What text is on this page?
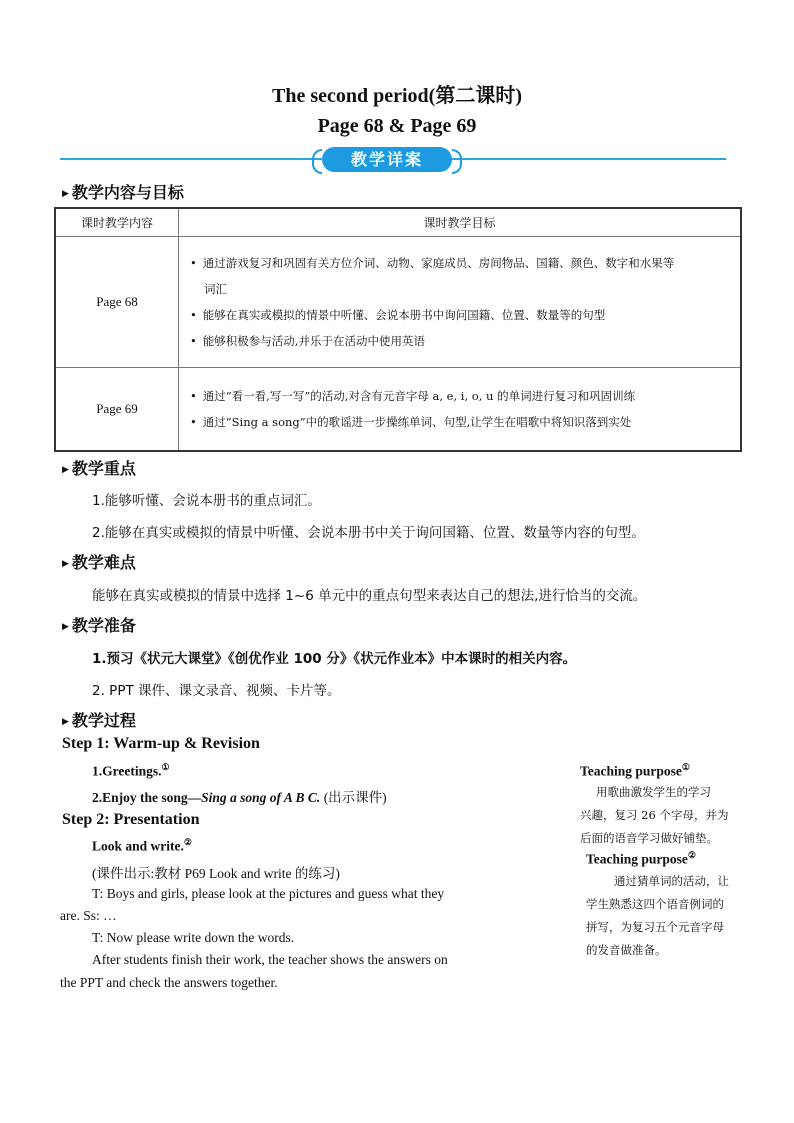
The second period(第二课时)
Page 68 & Page 69
教学详案
▶ 教学内容与目标
课时教学内容	课时教学目标
Page 68	• 通过游戏复习和巩固有关方位介词、动物、家庭成员、房间物品、国籍、颜色、数字和水果等
词汇
• 能够在真实或模拟的情景中听懂、会说本册书中询问国籍、位置、数量等的句型
• 能够积极参与活动,并乐于在活动中使用英语

Page 69	• 通过“看一看,写一写”的活动,对含有元音字母 a, e, i, o, u 的单词进行复习和巩固训练
• 通过“Sing a song”中的歌谣进一步操练单词、句型,让学生在唱歌中将知识落到实处
▶ 教学重点
1.能够听懂、会说本册书的重点词汇。
2.能够在真实或模拟的情景中听懂、会说本册书中关于询问国籍、位置、数量等内容的句型。
▶ 教学难点
能够在真实或模拟的情景中选择 1~6 单元中的重点句型来表达自己的想法,进行恰当的交流。
▶ 教学准备
1.预习《状元大课堂》《创优作业 100 分》《状元作业本》中本课时的相关内容。
2. PPT 课件、课文录音、视频、卡片等。
▶ 教学过程
Step 1: Warm-up & Revision
1.Greetings.①
2.Enjoy the song—Sing a song of A B C. (出示课件)
Step 2: Presentation
Look and write.②
(课件出示:教材 P69 Look and write 的练习)
T: Boys and girls, please look at the pictures and guess what they
are. Ss: …
T: Now please write down the words.
After students finish their work, the teacher shows the answers on
the PPT and check the answers together.
Teaching purpose①
用歌曲激发学生的学习
兴趣，复习 26 个字母，并为
后面的语音学习做好铺垫。
Teaching purpose②
通过猜单词的活动，让
学生熟悉这四个语音例词的
拼写，为复习五个元音字母
的发音做准备。
